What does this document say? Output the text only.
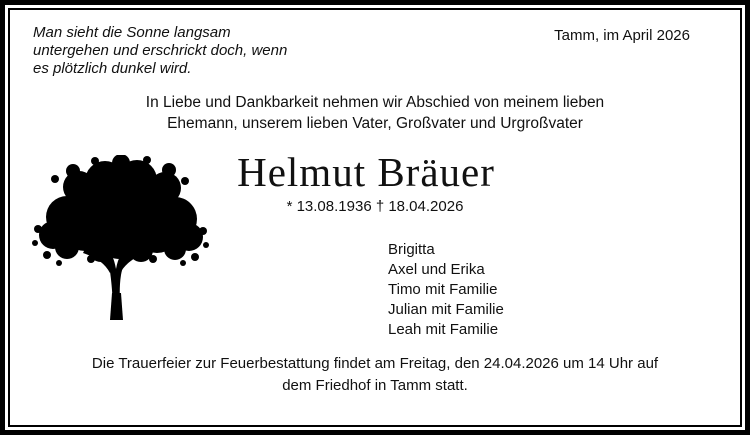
Man sieht die Sonne langsam
untergehen und erschrickt doch, wenn
es plötzlich dunkel wird.
Tamm, im April 2026
In Liebe und Dankbarkeit nehmen wir Abschied von meinem lieben
Ehemann, unserem lieben Vater, Großvater und Urgroßvater
Helmut Bräuer
* 13.08.1936 † 18.04.2026
Brigitta
Axel und Erika
Timo mit Familie
Julian mit Familie
Leah mit Familie
Die Trauerfeier zur Feuerbestattung findet am Freitag, den 24.04.2026 um 14 Uhr auf
dem Friedhof in Tamm statt.
